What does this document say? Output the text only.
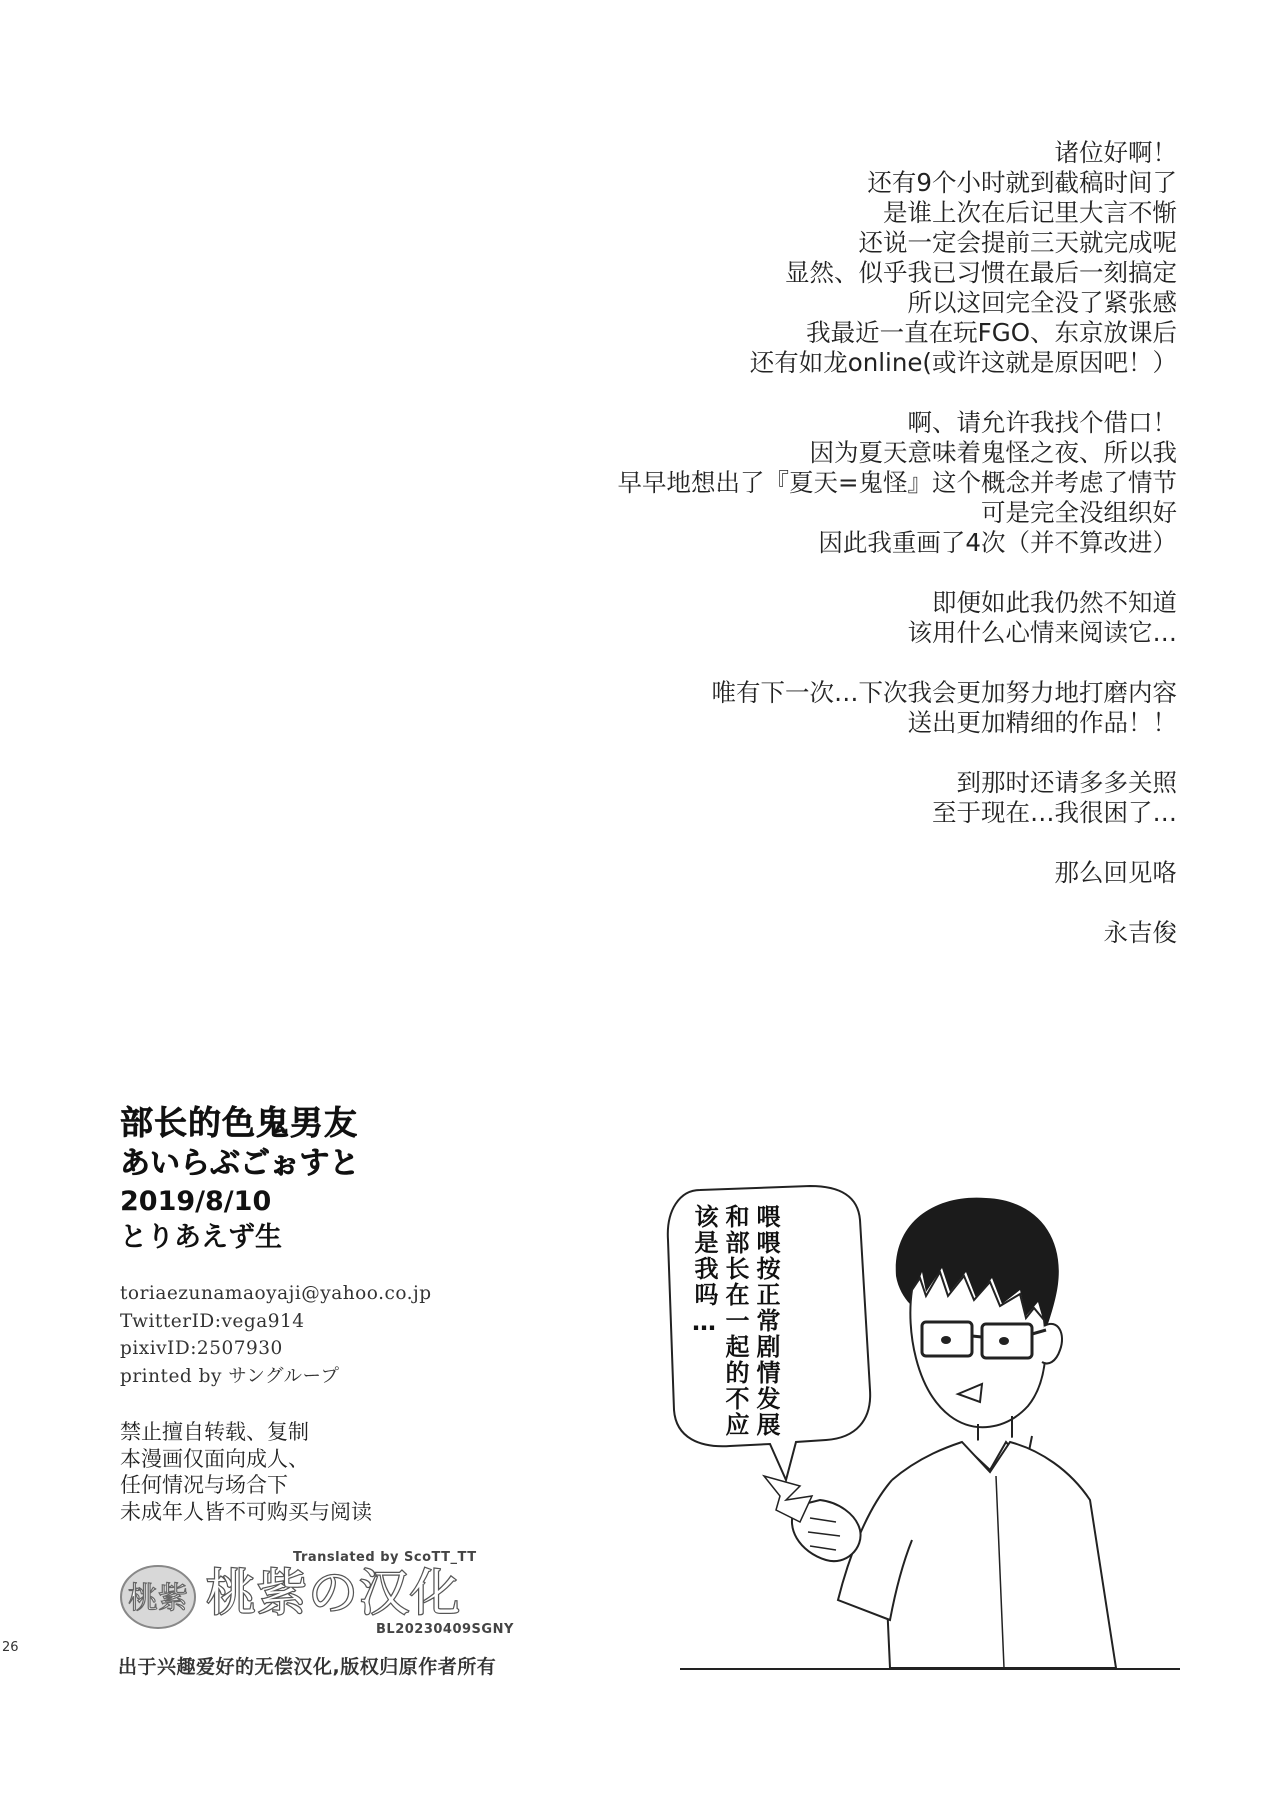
诸位好啊！
还有9个小时就到截稿时间了
是谁上次在后记里大言不惭
还说一定会提前三天就完成呢
显然、似乎我已习惯在最后一刻搞定
所以这回完全没了紧张感
我最近一直在玩FGO、东京放课后
还有如龙online(或许这就是原因吧！）
啊、请允许我找个借口！
因为夏天意味着鬼怪之夜、所以我
早早地想出了『夏天=鬼怪』这个概念并考虑了情节
可是完全没组织好
因此我重画了4次（并不算改进）
即便如此我仍然不知道
该用什么心情来阅读它…
唯有下一次…下次我会更加努力地打磨内容
送出更加精细的作品！！
到那时还请多多关照
至于现在…我很困了…
那么回见咯
永吉俊
部长的色鬼男友
あいらぶごぉすと
2019/8/10
とりあえず生
toriaezunamaoyaji@yahoo.co.jp
TwitterID:vega914
pixivID:2507930
printed by サングループ
禁止擅自转载、复制
本漫画仅面向成人、
任何情况与场合下
未成年人皆不可购买与阅读
Translated by ScoTT_TT
桃紫 桃紫の汉化
BL20230409SGNY
出于兴趣爱好的无偿汉化,版权归原作者所有
26
喂喂按正常剧情发展和部长在一起的不应该是我吗…
